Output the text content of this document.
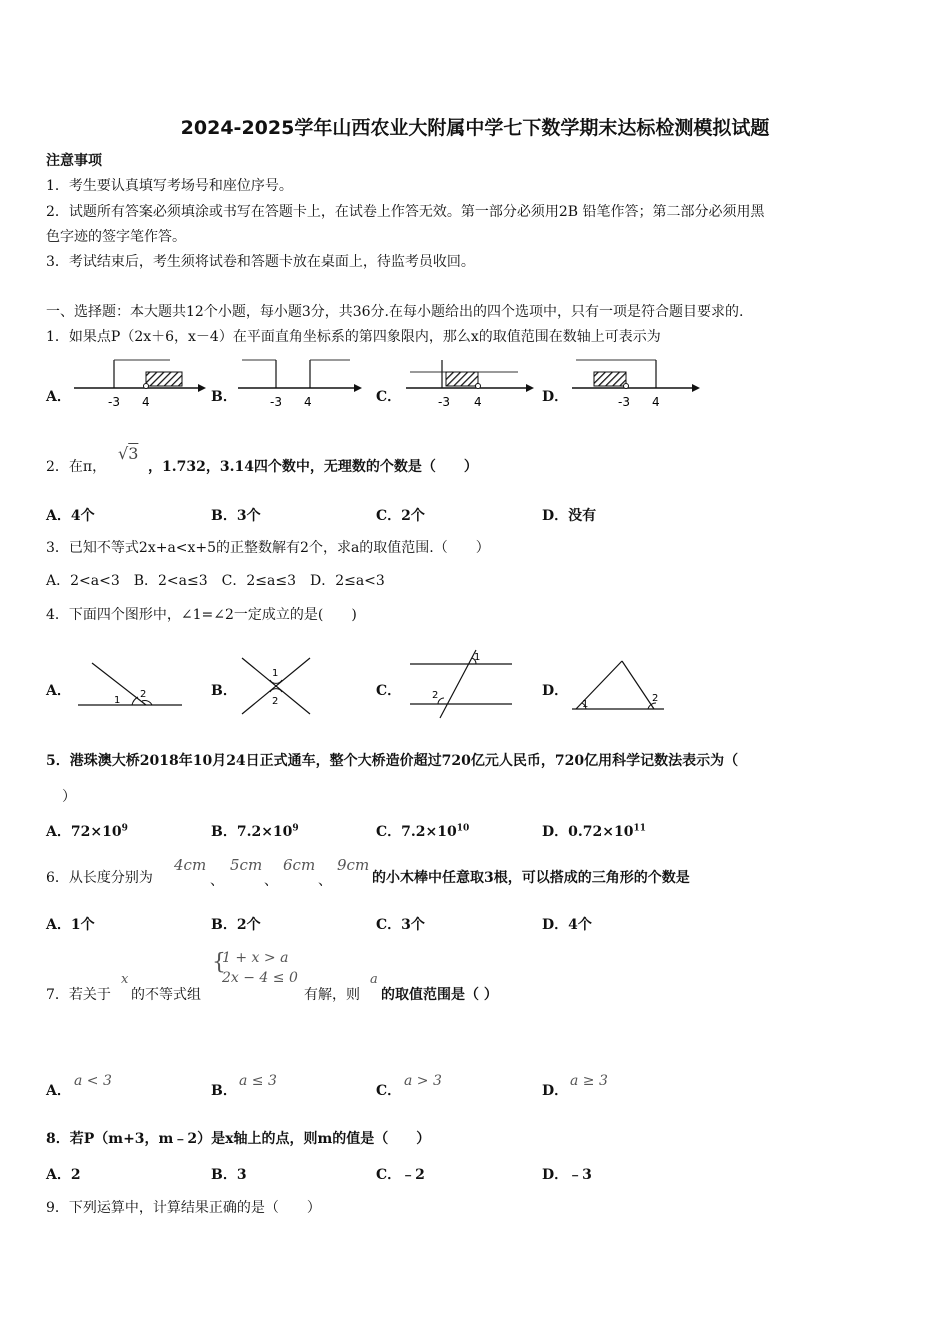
2024-2025学年山西农业大附属中学七下数学期末达标检测模拟试题
注意事项
1．考生要认真填写考场号和座位序号。
2．试题所有答案必须填涂或书写在答题卡上，在试卷上作答无效。第一部分必须用2B 铅笔作答；第二部分必须用黑
色字迹的签字笔作答。
3．考试结束后，考生须将试卷和答题卡放在桌面上，待监考员收回。
一、选择题：本大题共12个小题，每小题3分，共36分.在每小题给出的四个选项中，只有一项是符合题目要求的.
1．如果点P（2x＋6，x－4）在平面直角坐标系的第四象限内，那么x的取值范围在数轴上可表示为
A．	B．	C．	D．
-3 4	-3 4	-3 4	-3 4
2．在π，
√3
，1.732，3.14四个数中，无理数的个数是（　　）
A．4个	B．3个	C．2个	D．没有
3．已知不等式2x+a<x+5的正整数解有2个，求a的取值范围.（　　）
A．2<a<3　B．2<a≤3　C．2≤a≤3　D．2≤a<3
4．下面四个图形中，∠1=∠2一定成立的是(　　)
A．	B．	C．	D．
1
2
1
2
1
2
1
2
5．港珠澳大桥2018年10月24日正式通车，整个大桥造价超过720亿元人民币，720亿用科学记数法表示为（
）
A．$72\times 10^9$	B．$7.2\times 10^9$	C．$7.2\times 10^{10}$	D．$0.72\times 10^{11}$
6．从长度分别为
4cm
、
5cm
、
6cm
、
9cm
的小木棒中任意取3根，可以搭成的三角形的个数是
A．1个	B．2个	C．3个	D．4个
7．若关于
x
的不等式组
{
1 + x > a
2x − 4 ≤ 0
有解，则
a
的取值范围是（ ）
A．
a < 3
B．
a ≤ 3
C．
a > 3
D．
a ≥ 3
8．若P（m+3，m﹣2）是x轴上的点，则m的值是（　　）
A．2	B．3	C．﹣2	D．﹣3
9．下列运算中，计算结果正确的是（　　）
